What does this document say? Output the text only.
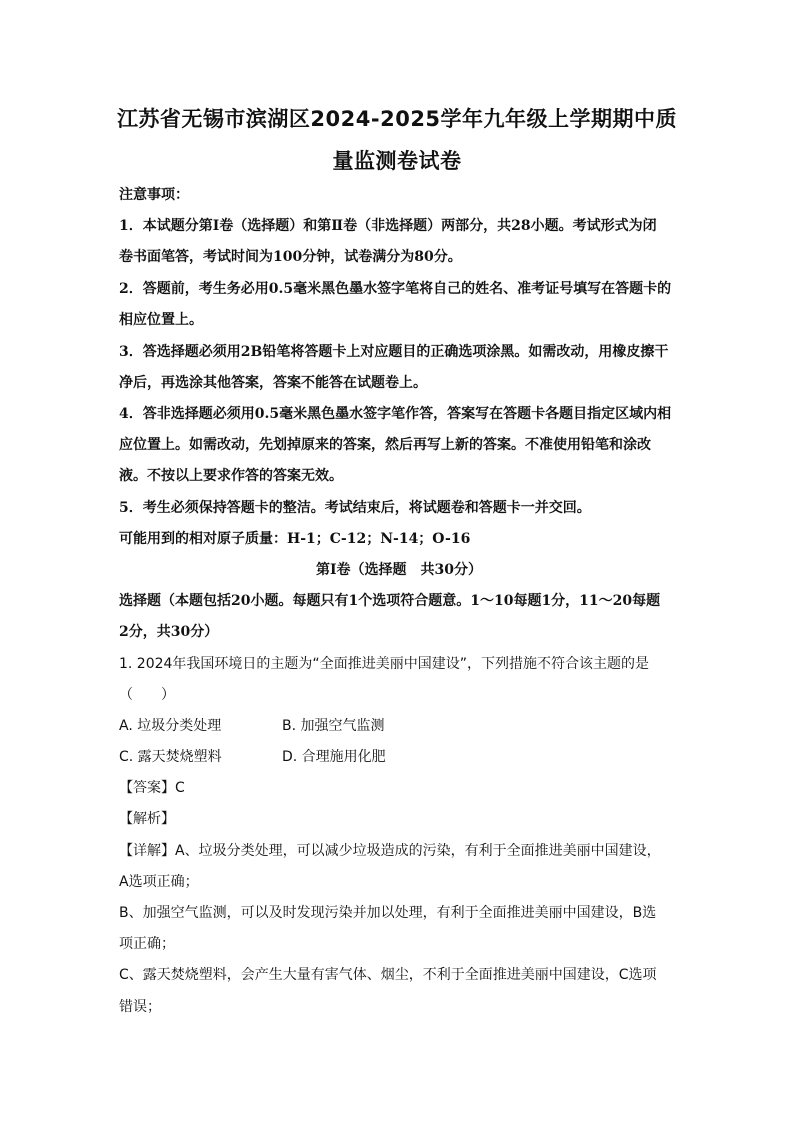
江苏省无锡市滨湖区2024-2025学年九年级上学期期中质
量监测卷试卷
注意事项：
1．本试题分第Ⅰ卷（选择题）和第Ⅱ卷（非选择题）两部分，共28小题。考试形式为闭
卷书面笔答，考试时间为100分钟，试卷满分为80分。
2．答题前，考生务必用0.5毫米黑色墨水签字笔将自己的姓名、准考证号填写在答题卡的
相应位置上。
3．答选择题必须用2B铅笔将答题卡上对应题目的正确选项涂黑。如需改动，用橡皮擦干
净后，再选涂其他答案，答案不能答在试题卷上。
4．答非选择题必须用0.5毫米黑色墨水签字笔作答，答案写在答题卡各题目指定区域内相
应位置上。如需改动，先划掉原来的答案，然后再写上新的答案。不准使用铅笔和涂改
液。不按以上要求作答的答案无效。
5．考生必须保持答题卡的整洁。考试结束后，将试题卷和答题卡一并交回。
可能用到的相对原子质量：H-1；C-12；N-14；O-16
第Ⅰ卷（选择题　共30分）
选择题（本题包括20小题。每题只有1个选项符合题意。1～10每题1分，11～20每题
2分，共30分）
1. 2024年我国环境日的主题为“全面推进美丽中国建设”，下列措施不符合该主题的是
（　　）
A. 垃圾分类处理	B. 加强空气监测
C. 露天焚烧塑料	D. 合理施用化肥
【答案】C
【解析】
【详解】A、垃圾分类处理，可以减少垃圾造成的污染，有利于全面推进美丽中国建设，
A选项正确；
B、加强空气监测，可以及时发现污染并加以处理，有利于全面推进美丽中国建设，B选
项正确；
C、露天焚烧塑料，会产生大量有害气体、烟尘，不利于全面推进美丽中国建设，C选项
错误；
